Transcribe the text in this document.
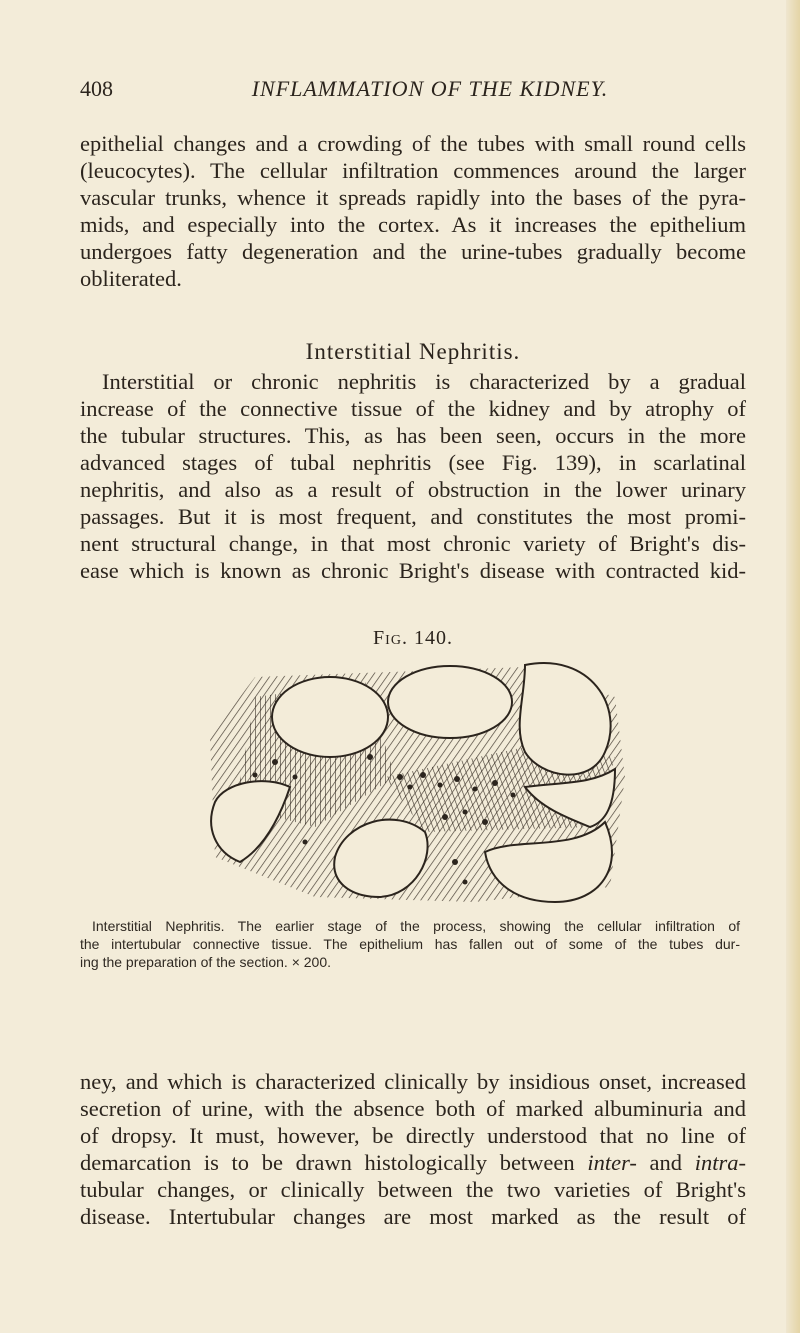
408	INFLAMMATION OF THE KIDNEY.

epithelial changes and a crowding of the tubes with small round cells
(leucocytes). The cellular infiltration commences around the larger
vascular trunks, whence it spreads rapidly into the bases of the pyra-
mids, and especially into the cortex. As it increases the epithelium
undergoes fatty degeneration and the urine-tubes gradually become
obliterated.

Interstitial Nephritis.

Interstitial or chronic nephritis is characterized by a gradual
increase of the connective tissue of the kidney and by atrophy of
the tubular structures. This, as has been seen, occurs in the more
advanced stages of tubal nephritis (see Fig. 139), in scarlatinal
nephritis, and also as a result of obstruction in the lower urinary
passages. But it is most frequent, and constitutes the most promi-
nent structural change, in that most chronic variety of Bright's dis-
ease which is known as chronic Bright's disease with contracted kid-

Fig. 140.
Interstitial Nephritis. The earlier stage of the process, showing the cellular infiltration of
the intertubular connective tissue. The epithelium has fallen out of some of the tubes dur-
ing the preparation of the section. × 200.

ney, and which is characterized clinically by insidious onset, increased
secretion of urine, with the absence both of marked albuminuria and
of dropsy. It must, however, be directly understood that no line of
demarcation is to be drawn histologically between inter- and intra-
tubular changes, or clinically between the two varieties of Bright's
disease. Intertubular changes are most marked as the result of
